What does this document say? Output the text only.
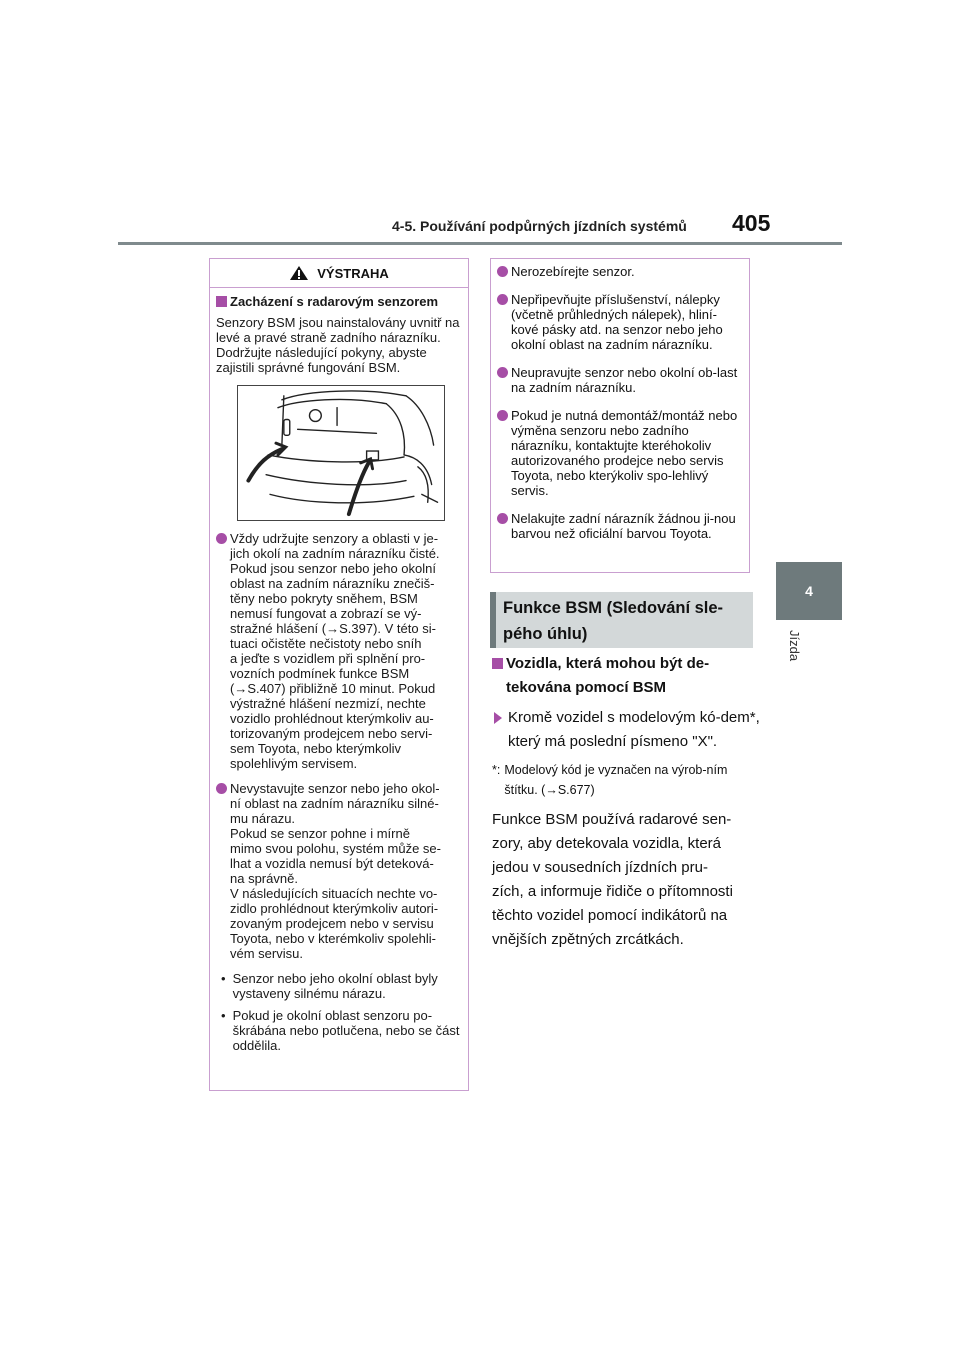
4-5. Používání podpůrných jízdních systémů 405
4
Jízda
VÝSTRAHA
Zacházení s radarovým senzorem
Senzory BSM jsou nainstalovány uvnitř na levé a pravé straně zadního nárazníku. Dodržujte následující pokyny, abyste zajistili správné fungování BSM.
Vždy udržujte senzory a oblasti v je-
jich okolí na zadním nárazníku čisté.
Pokud jsou senzor nebo jeho okolní
oblast na zadním nárazníku znečiš-
těny nebo pokryty sněhem, BSM
nemusí fungovat a zobrazí se vý-
stražné hlášení (→S.397). V této si-
tuaci očistěte nečistoty nebo sníh
a jeďte s vozidlem při splnění pro-
vozních podmínek funkce BSM
(→S.407) přibližně 10 minut. Pokud
výstražné hlášení nezmizí, nechte
vozidlo prohlédnout kterýmkoliv au-
torizovaným prodejcem nebo servi-
sem Toyota, nebo kterýmkoliv
spolehlivým servisem.
Nevystavujte senzor nebo jeho okol-
ní oblast na zadním nárazníku silné-
mu nárazu.
Pokud se senzor pohne i mírně
mimo svou polohu, systém může se-
lhat a vozidla nemusí být deteková-
na správně.
V následujících situacích nechte vo-
zidlo prohlédnout kterýmkoliv autori-
zovaným prodejcem nebo v servisu
Toyota, nebo v kterémkoliv spolehli-
vém servisu.
• Senzor nebo jeho okolní oblast byly vystaveny silnému nárazu.
• Pokud je okolní oblast senzoru po-škrábána nebo potlučena, nebo se část oddělila.
Nerozebírejte senzor.
Nepřipevňujte příslušenství, nálepky (včetně průhledných nálepek), hliní-kové pásky atd. na senzor nebo jeho okolní oblast na zadním nárazníku.
Neupravujte senzor nebo okolní ob-last na zadním nárazníku.
Pokud je nutná demontáž/montáž nebo výměna senzoru nebo zadního nárazníku, kontaktujte kteréhokoliv autorizovaného prodejce nebo servis Toyota, nebo kterýkoliv spo-lehlivý servis.
Nelakujte zadní nárazník žádnou ji-nou barvou než oficiální barvou Toyota.
Funkce BSM (Sledování sle-
pého úhlu)
Vozidla, která mohou být de-
tekována pomocí BSM
Kromě vozidel s modelovým kó-dem*, který má poslední písmeno "X".
*: Modelový kód je vyznačen na výrob-ním štítku. (→S.677)
Funkce BSM používá radarové sen-
zory, aby detekovala vozidla, která
jedou v sousedních jízdních pru-
zích, a informuje řidiče o přítomnosti
těchto vozidel pomocí indikátorů na
vnějších zpětných zrcátkách.
